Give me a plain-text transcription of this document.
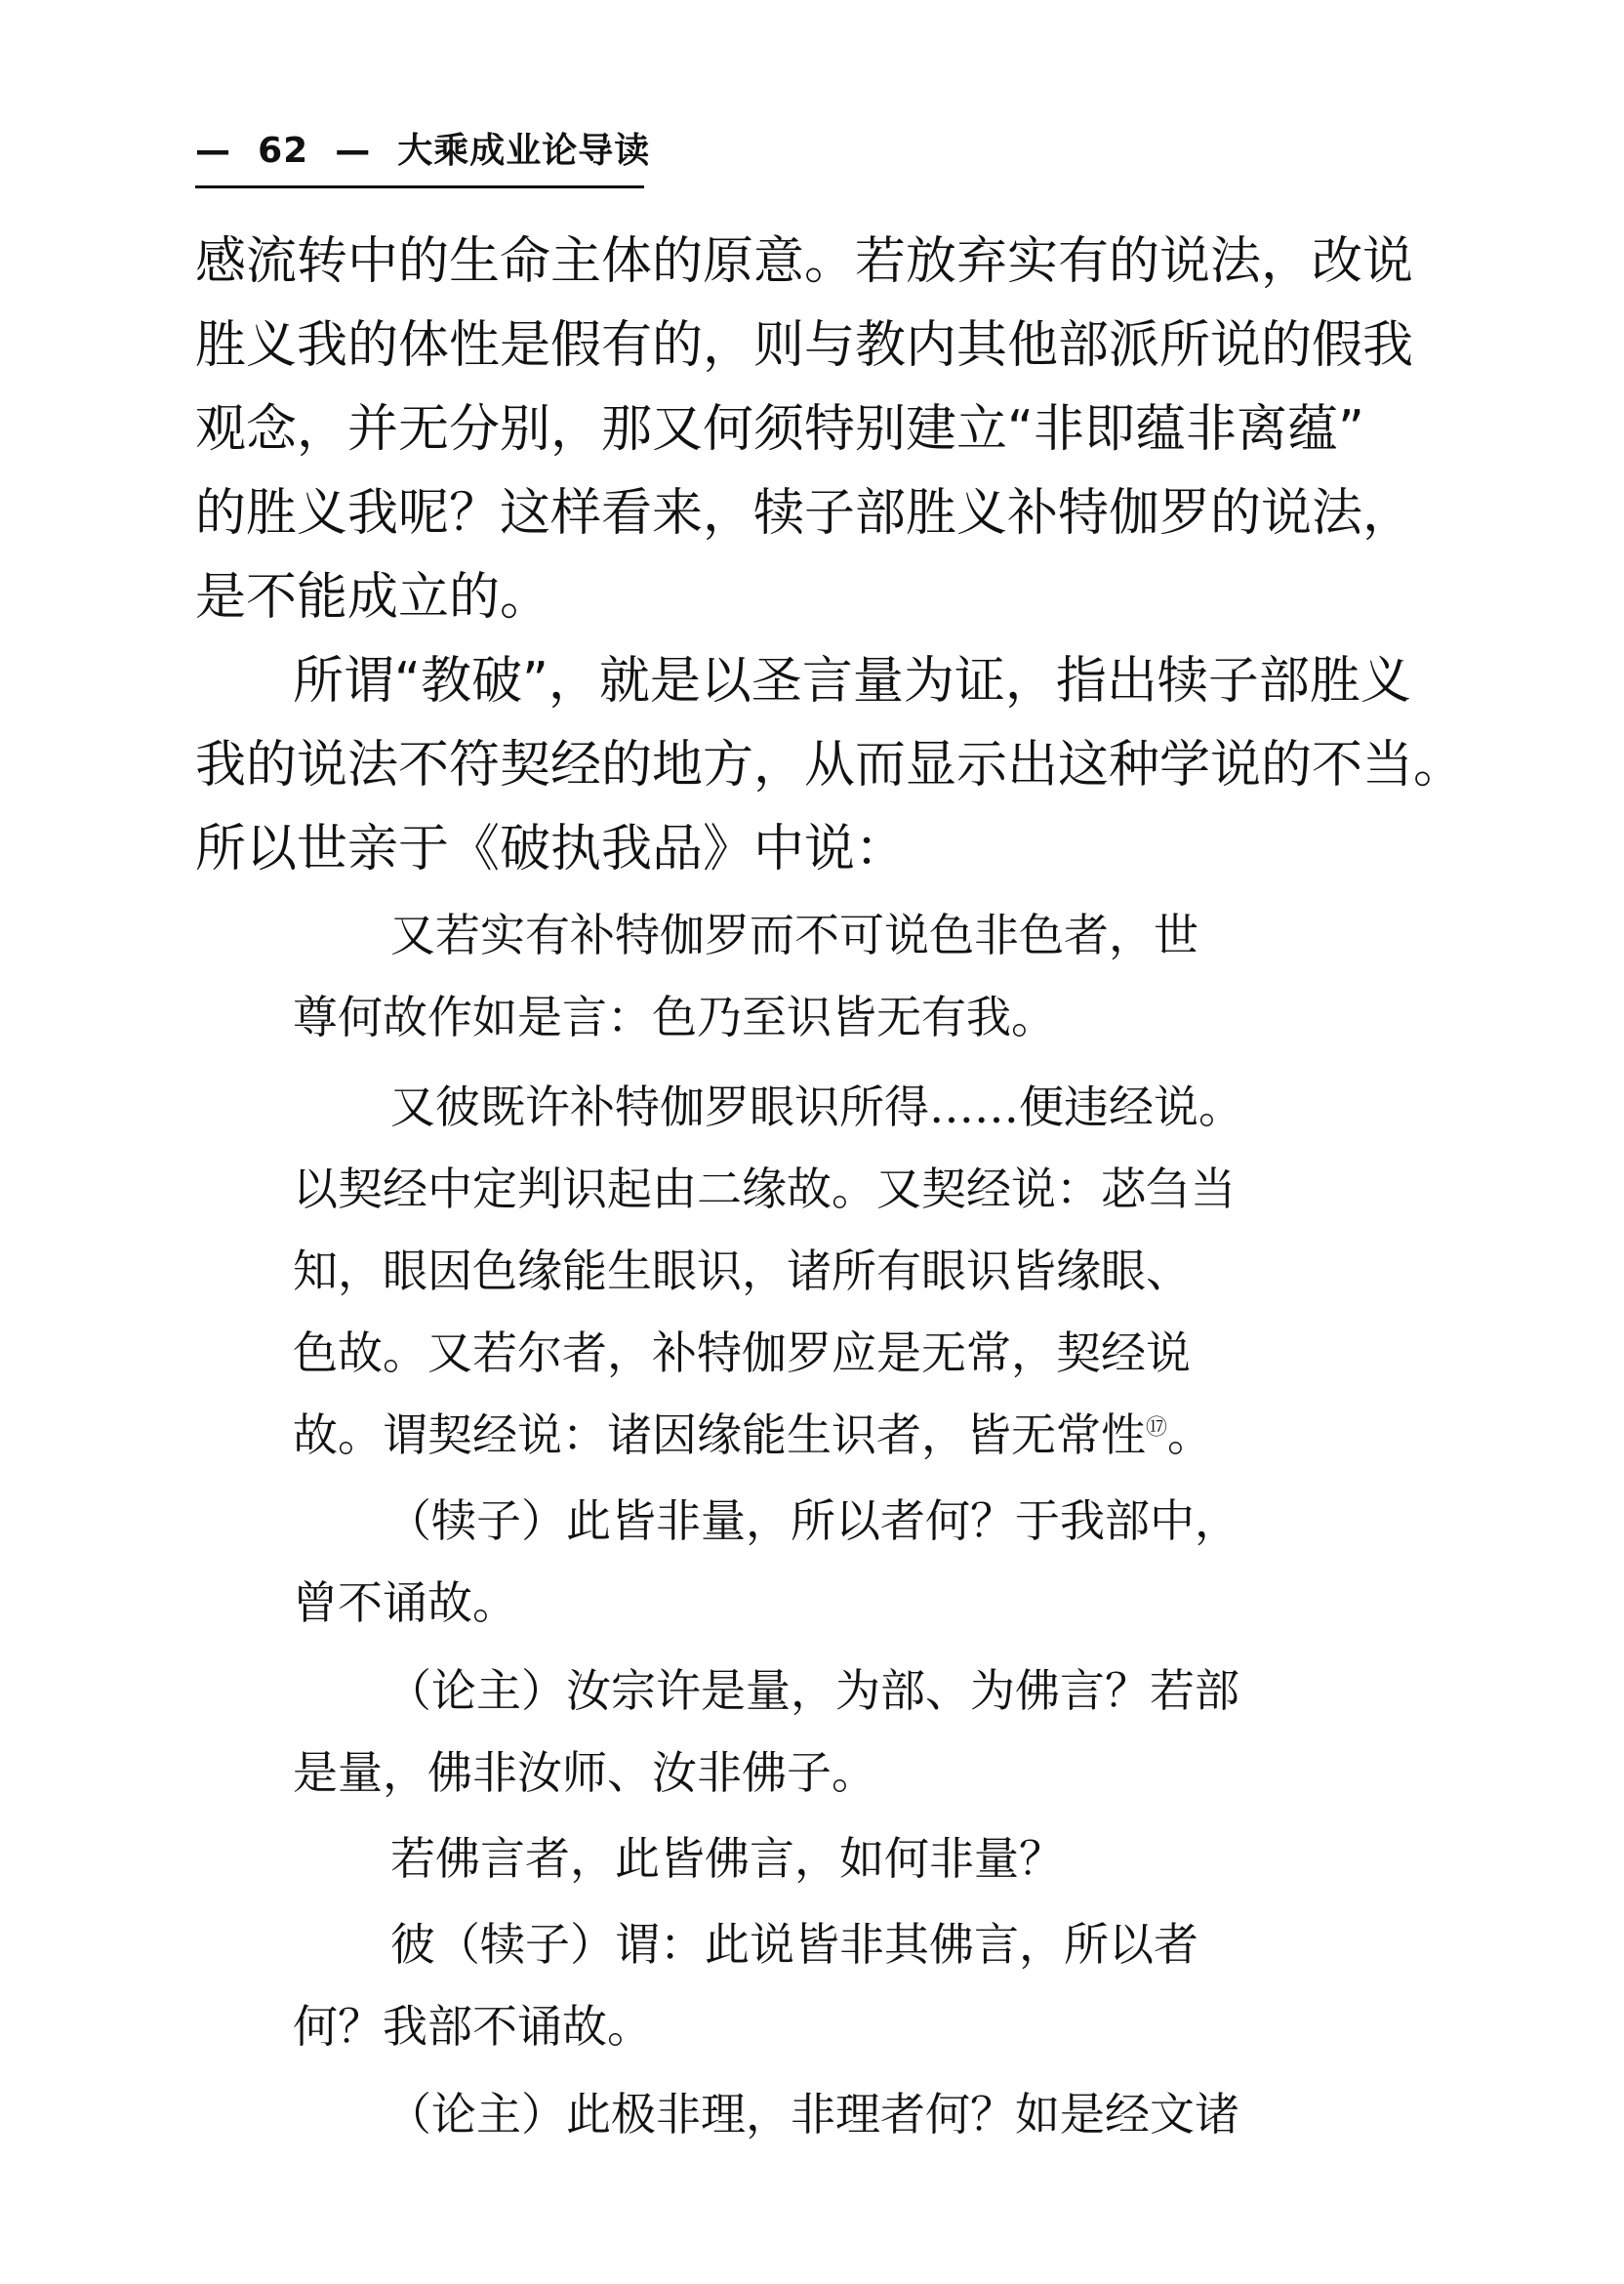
—  62  —  大乘成业论导读
感流转中的生命主体的原意。若放弃实有的说法，改说
胜义我的体性是假有的，则与教内其他部派所说的假我
观念，并无分别，那又何须特别建立“非即蕴非离蕴”
的胜义我呢？这样看来，犊子部胜义补特伽罗的说法，
是不能成立的。
所谓“教破”，就是以圣言量为证，指出犊子部胜义
我的说法不符契经的地方，从而显示出这种学说的不当。
所以世亲于《破执我品》中说：
又若实有补特伽罗而不可说色非色者，世
尊何故作如是言：色乃至识皆无有我。
又彼既许补特伽罗眼识所得……便违经说。
以契经中定判识起由二缘故。又契经说：苾刍当
知，眼因色缘能生眼识，诸所有眼识皆缘眼、
色故。又若尔者，补特伽罗应是无常，契经说
故。谓契经说：诸因缘能生识者，皆无常性⑰。
（犊子）此皆非量，所以者何？于我部中，
曾不诵故。
（论主）汝宗许是量，为部、为佛言？若部
是量，佛非汝师、汝非佛子。
若佛言者，此皆佛言，如何非量？
彼（犊子）谓：此说皆非其佛言，所以者
何？我部不诵故。
（论主）此极非理，非理者何？如是经文诸
